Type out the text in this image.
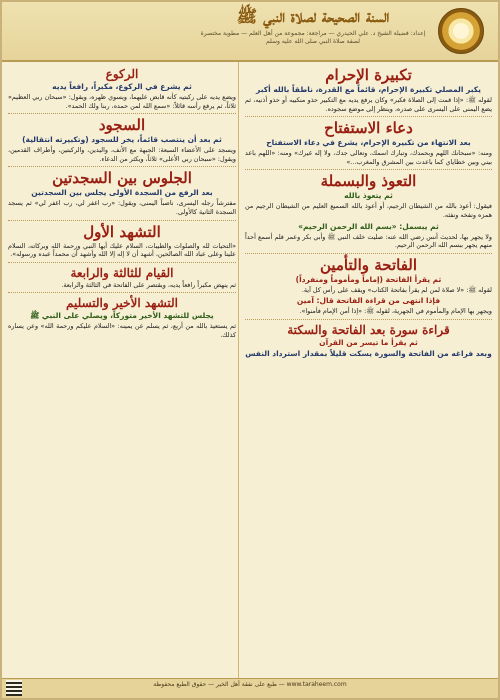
السنة الصحيحة لصلاة النبي ﷺ
إعداد: فضيلة الشيخ د. علي الحيدري — مراجعة: مجموعة من أهل العلم — مطوية مختصرة لصفة صلاة النبي صلى الله عليه وسلم
تكبيرة الإحرام
يكبر المصلي تكبيرة الإحرام، قائماً مع القدرة، ناطقاً بالله أكبر

لقوله ﷺ: «إذا قمت إلى الصلاة فكبر» وكان يرفع يديه مع التكبير حذو منكبيه أو حذو أذنيه، ثم يضع اليمنى على اليسرى على صدره، وينظر إلى موضع سجوده.

دعاء الاستفتاح
بعد الانتهاء من تكبيرة الإحرام، يشرع في دعاء الاستفتاح

ومنه: «سبحانك اللهم وبحمدك، وتبارك اسمك، وتعالى جدك، ولا إله غيرك» ومنه: «اللهم باعد بيني وبين خطاياي كما باعدت بين المشرق والمغرب...»

التعوذ والبسملة
ثم يتعوذ بالله

فيقول: أعوذ بالله من الشيطان الرجيم، أو أعوذ بالله السميع العليم من الشيطان الرجيم من همزه ونفخه ونفثه.

ثم يبسمل: «بسم الله الرحمن الرحيم»

ولا يجهر بها، لحديث أنس رضي الله عنه: صليت خلف النبي ﷺ وأبي بكر وعمر فلم أسمع أحداً منهم يجهر ببسم الله الرحمن الرحيم.

الفاتحة والتأمين
ثم يقرأ الفاتحة (إماماً ومأموماً ومنفرداً)

لقوله ﷺ: «لا صلاة لمن لم يقرأ بفاتحة الكتاب» ويقف على رأس كل آية.

فإذا انتهى من قراءة الفاتحة قال: آمين

ويجهر بها الإمام والمأموم في الجهرية، لقوله ﷺ: «إذا أمن الإمام فأمنوا».

قراءة سورة بعد الفاتحة والسكتة
ثم يقرأ ما تيسر من القرآن
وبعد فراغه من الفاتحة والسورة يسكت قليلاً بمقدار استرداد النفس
الركوع
ثم يشرع في الركوع، مكبراً، رافعاً يديه

ويضع يديه على ركبتيه كأنه قابض عليهما، ويسوي ظهره، ويقول: «سبحان ربي العظيم» ثلاثاً، ثم يرفع رأسه قائلاً: «سمع الله لمن حمده، ربنا ولك الحمد».

السجود
ثم بعد أن ينتصب قائماً، يخر للسجود (وتكبيرته انتقالية)

ويسجد على الأعضاء السبعة: الجبهة مع الأنف، واليدين، والركبتين، وأطراف القدمين، ويقول: «سبحان ربي الأعلى» ثلاثاً، ويكثر من الدعاء.

الجلوس بين السجدتين
بعد الرفع من السجدة الأولى يجلس بين السجدتين

مفترشاً رجله اليسرى، ناصباً اليمنى، ويقول: «رب اغفر لي، رب اغفر لي» ثم يسجد السجدة الثانية كالأولى.

التشهد الأول

«التحيات لله والصلوات والطيبات، السلام عليك أيها النبي ورحمة الله وبركاته، السلام علينا وعلى عباد الله الصالحين، أشهد أن لا إله إلا الله وأشهد أن محمداً عبده ورسوله».

القيام للثالثة والرابعة

ثم ينهض مكبراً رافعاً يديه، ويقتصر على الفاتحة في الثالثة والرابعة.

التشهد الأخير والتسليم
يجلس للتشهد الأخير متوركاً، ويصلي على النبي ﷺ

ثم يستعيذ بالله من أربع، ثم يسلم عن يمينه: «السلام عليكم ورحمة الله» وعن يساره كذلك.

www.taraheem.com — طبع على نفقة أهل الخير — حقوق الطبع محفوظة
